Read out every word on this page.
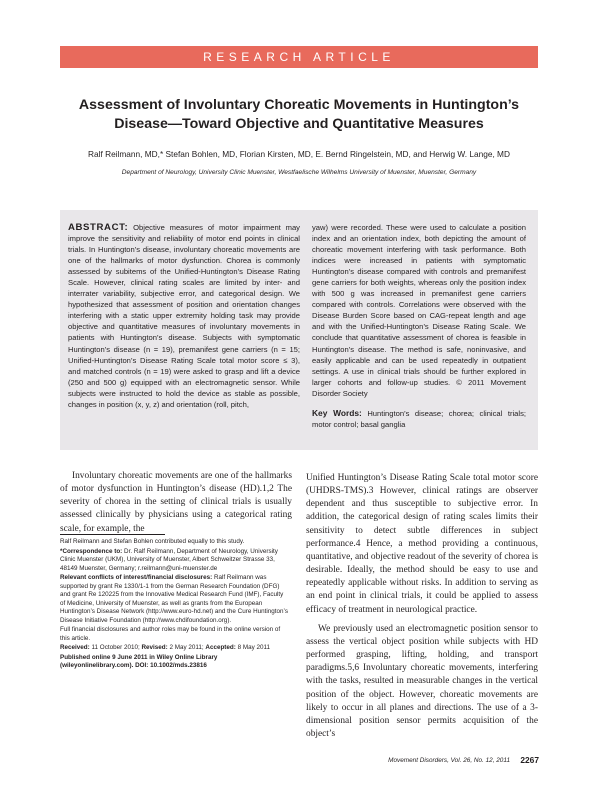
RESEARCH ARTICLE
Assessment of Involuntary Choreatic Movements in Huntington’s
Disease—Toward Objective and Quantitative Measures
Ralf Reilmann, MD,* Stefan Bohlen, MD, Florian Kirsten, MD, E. Bernd Ringelstein, MD, and Herwig W. Lange, MD
Department of Neurology, University Clinic Muenster, Westfaelische Wilhelms University of Muenster, Muenster, Germany
ABSTRACT: Objective measures of motor impairment may improve the sensitivity and reliability of motor end points in clinical trials. In Huntington’s disease, involuntary choreatic movements are one of the hallmarks of motor dysfunction. Chorea is commonly assessed by subitems of the Unified-Huntington’s Disease Rating Scale. However, clinical rating scales are limited by inter- and interrater variability, subjective error, and categorical design. We hypothesized that assessment of position and orientation changes interfering with a static upper extremity holding task may provide objective and quantitative measures of involuntary movements in patients with Huntington’s disease. Subjects with symptomatic Huntington’s disease (n = 19), premanifest gene carriers (n = 15; Unified-Huntington’s Disease Rating Scale total motor score ≤ 3), and matched controls (n = 19) were asked to grasp and lift a device (250 and 500 g) equipped with an electromagnetic sensor. While subjects were instructed to hold the device as stable as possible, changes in position (x, y, z) and orientation (roll, pitch,
yaw) were recorded. These were used to calculate a position index and an orientation index, both depicting the amount of choreatic movement interfering with task performance. Both indices were increased in patients with symptomatic Huntington’s disease compared with controls and premanifest gene carriers for both weights, whereas only the position index with 500 g was increased in premanifest gene carriers compared with controls. Correlations were observed with the Disease Burden Score based on CAG-repeat length and age and with the Unified-Huntington’s Disease Rating Scale. We conclude that quantitative assessment of chorea is feasible in Huntington’s disease. The method is safe, noninvasive, and easily applicable and can be used repeatedly in outpatient settings. A use in clinical trials should be further explored in larger cohorts and follow-up studies. © 2011 Movement Disorder Society
Key Words: Huntington’s disease; chorea; clinical trials; motor control; basal ganglia

Involuntary choreatic movements are one of the hallmarks of motor dysfunction in Huntington’s disease (HD).1,2 The severity of chorea in the setting of clinical trials is usually assessed clinically by physicians using a categorical rating scale, for example, the

Ralf Reilmann and Stefan Bohlen contributed equally to this study.

*Correspondence to: Dr. Ralf Reilmann, Department of Neurology, University Clinic Muenster (UKM), University of Muenster, Albert Schweitzer Strasse 33, 48149 Muenster, Germany; r.reilmann@uni-muenster.de

Relevant conflicts of interest/financial disclosures: Ralf Reilmann was supported by grant Re 1330/1-1 from the German Research Foundation (DFG) and grant Re 120225 from the Innovative Medical Research Fund (IMF), Faculty of Medicine, University of Muenster, as well as grants from the European Huntington’s Disease Network (http://www.euro-hd.net) and the Cure Huntington’s Disease Initiative Foundation (http://www.chdifoundation.org).

Full financial disclosures and author roles may be found in the online version of this article.

Received: 11 October 2010; Revised: 2 May 2011; Accepted: 8 May 2011

Published online 9 June 2011 in Wiley Online Library (wileyonlinelibrary.com). DOI: 10.1002/mds.23816

Unified Huntington’s Disease Rating Scale total motor score (UHDRS-TMS).3 However, clinical ratings are observer dependent and thus susceptible to subjective error. In addition, the categorical design of rating scales limits their sensitivity to detect subtle differences in subject performance.4 Hence, a method providing a continuous, quantitative, and objective readout of the severity of chorea is desirable. Ideally, the method should be easy to use and repeatedly applicable without risks. In addition to serving as an end point in clinical trials, it could be applied to assess efficacy of treatment in neurological practice.

We previously used an electromagnetic position sensor to assess the vertical object position while subjects with HD performed grasping, lifting, holding, and transport paradigms.5,6 Involuntary choreatic movements, interfering with the tasks, resulted in measurable changes in the vertical position of the object. However, choreatic movements are likely to occur in all planes and directions. The use of a 3-dimensional position sensor permits acquisition of the object’s

Movement Disorders, Vol. 26, No. 12, 2011	2267
